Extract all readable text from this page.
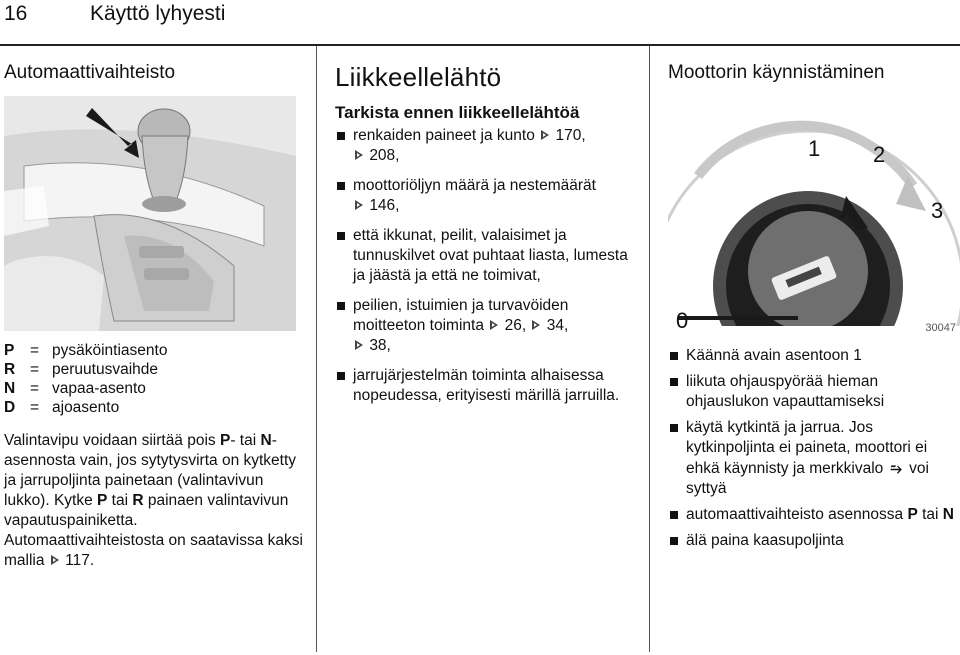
16	Käyttö lyhyesti
Automaattivaihteisto
P	= pysäköintiasento
R = peruutusvaihde
N = vapaa-asento
D = ajoasento

Valintavipu voidaan siirtää pois P- tai N-asennosta vain, jos sytytysvirta on kytketty ja jarrupoljinta painetaan (valintavivun lukko). Kytke P tai R painaen valintavivun vapautuspainiketta.

Automaattivaihteistosta on saatavissa kaksi mallia 117.

Liikkeellelähtö
Tarkista ennen liikkeellelähtöä
renkaiden paineet ja kunto 170,
208,
moottoriöljyn määrä ja nestemäärät
146,
että ikkunat, peilit, valaisimet ja tunnuskilvet ovat puhtaat liasta, lumesta ja jäästä ja että ne toimivat,
peilien, istuimien ja turvavöiden moitteeton toiminta 26, 34,
38,
jarrujärjestelmän toiminta alhaisessa nopeudessa, erityisesti märillä jarruilla.
Moottorin käynnistäminen
0
1 2
3
30047
Käännä avain asentoon 1
liikuta ohjauspyörää hieman ohjauslukon vapauttamiseksi
käytä kytkintä ja jarrua. Jos kytkinpoljinta ei paineta, moottori ei ehkä käynnisty ja merkkivalo ⥲ voi syttyä
automaattivaihteisto asennossa P tai N
älä paina kaasupoljinta
